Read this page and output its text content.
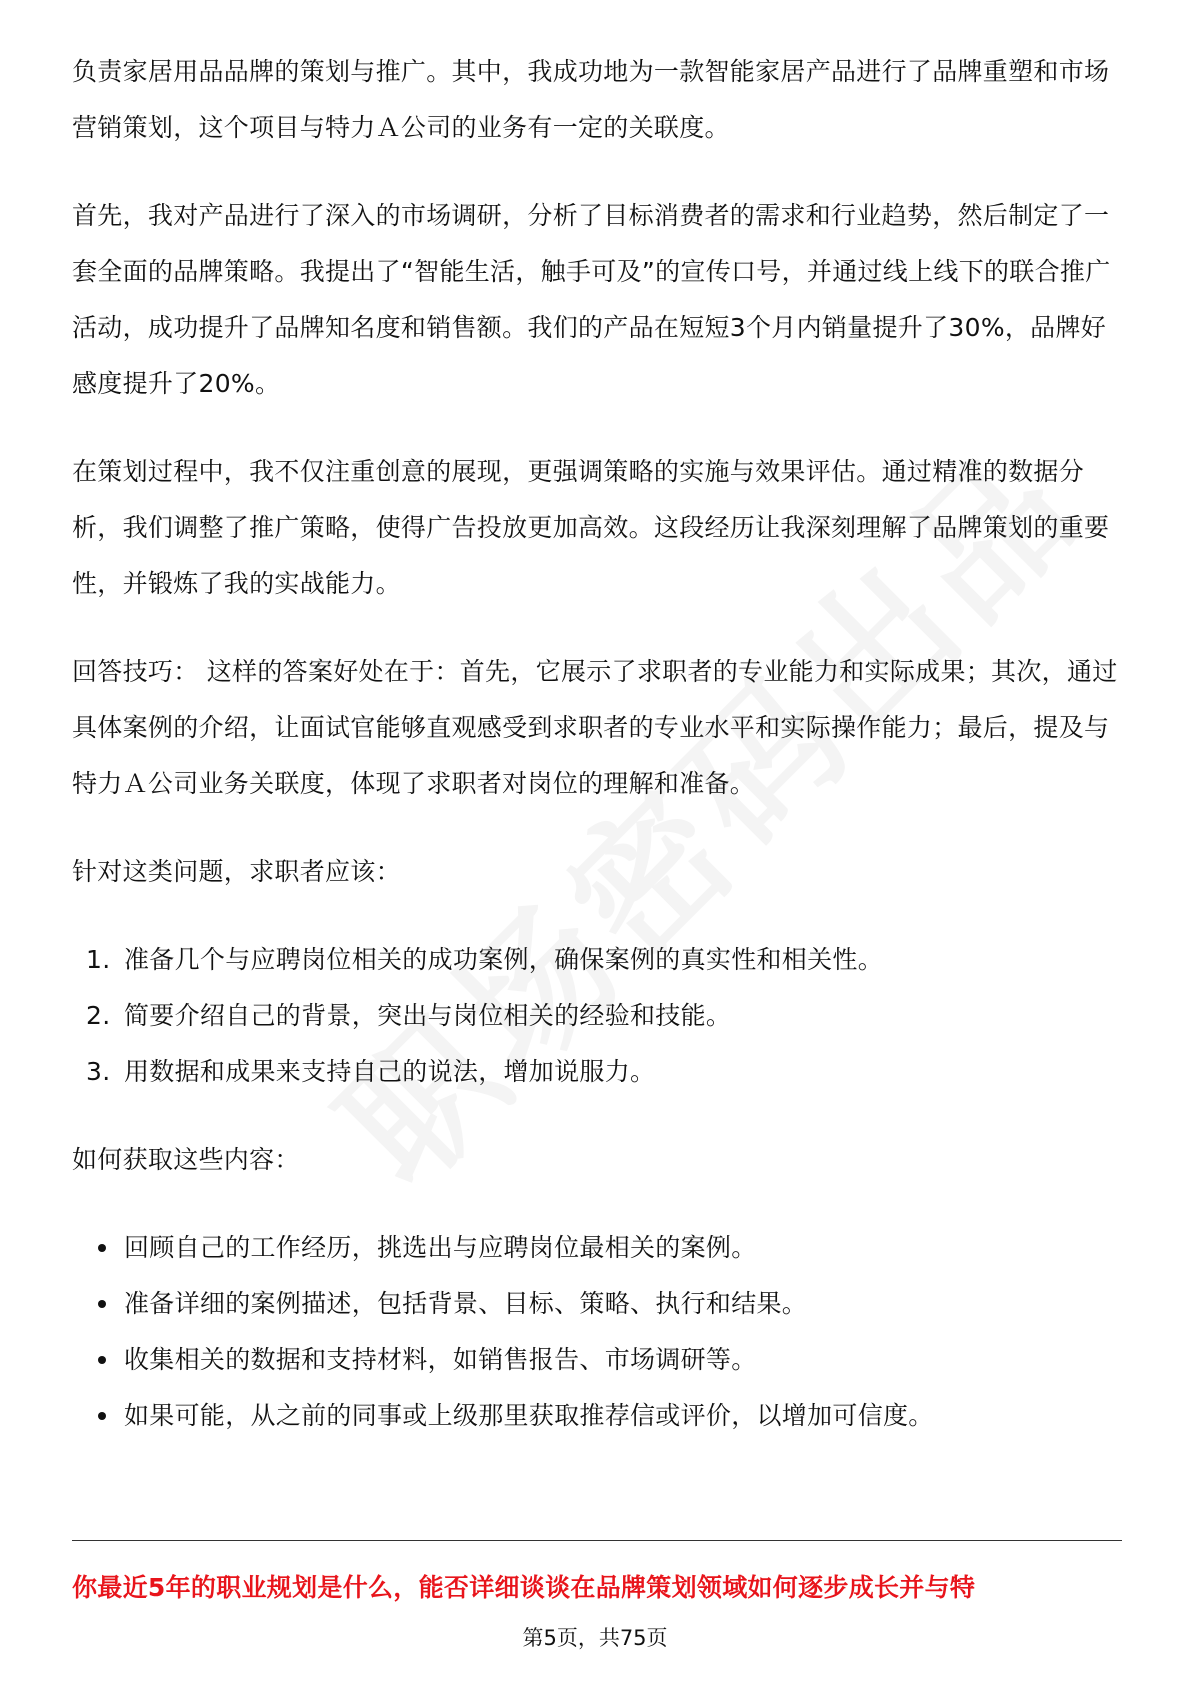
负责家居用品品牌的策划与推广。其中，我成功地为一款智能家居产品进行了品牌重塑和市场营销策划，这个项目与特力Ａ公司的业务有一定的关联度。

首先，我对产品进行了深入的市场调研，分析了目标消费者的需求和行业趋势，然后制定了一套全面的品牌策略。我提出了“智能生活，触手可及”的宣传口号，并通过线上线下的联合推广活动，成功提升了品牌知名度和销售额。我们的产品在短短3个月内销量提升了30%，品牌好感度提升了20%。

在策划过程中，我不仅注重创意的展现，更强调策略的实施与效果评估。通过精准的数据分析，我们调整了推广策略，使得广告投放更加高效。这段经历让我深刻理解了品牌策划的重要性，并锻炼了我的实战能力。

回答技巧： 这样的答案好处在于：首先，它展示了求职者的专业能力和实际成果；其次，通过具体案例的介绍，让面试官能够直观感受到求职者的专业水平和实际操作能力；最后，提及与特力Ａ公司业务关联度，体现了求职者对岗位的理解和准备。

针对这类问题，求职者应该：

1. 准备几个与应聘岗位相关的成功案例，确保案例的真实性和相关性。
2. 简要介绍自己的背景，突出与岗位相关的经验和技能。
3. 用数据和成果来支持自己的说法，增加说服力。

如何获取这些内容：

回顾自己的工作经历，挑选出与应聘岗位最相关的案例。
准备详细的案例描述，包括背景、目标、策略、执行和结果。
收集相关的数据和支持材料，如销售报告、市场调研等。
如果可能，从之前的同事或上级那里获取推荐信或评价，以增加可信度。
你最近5年的职业规划是什么，能否详细谈谈在品牌策划领域如何逐步成长并与特
第5页，共75页
